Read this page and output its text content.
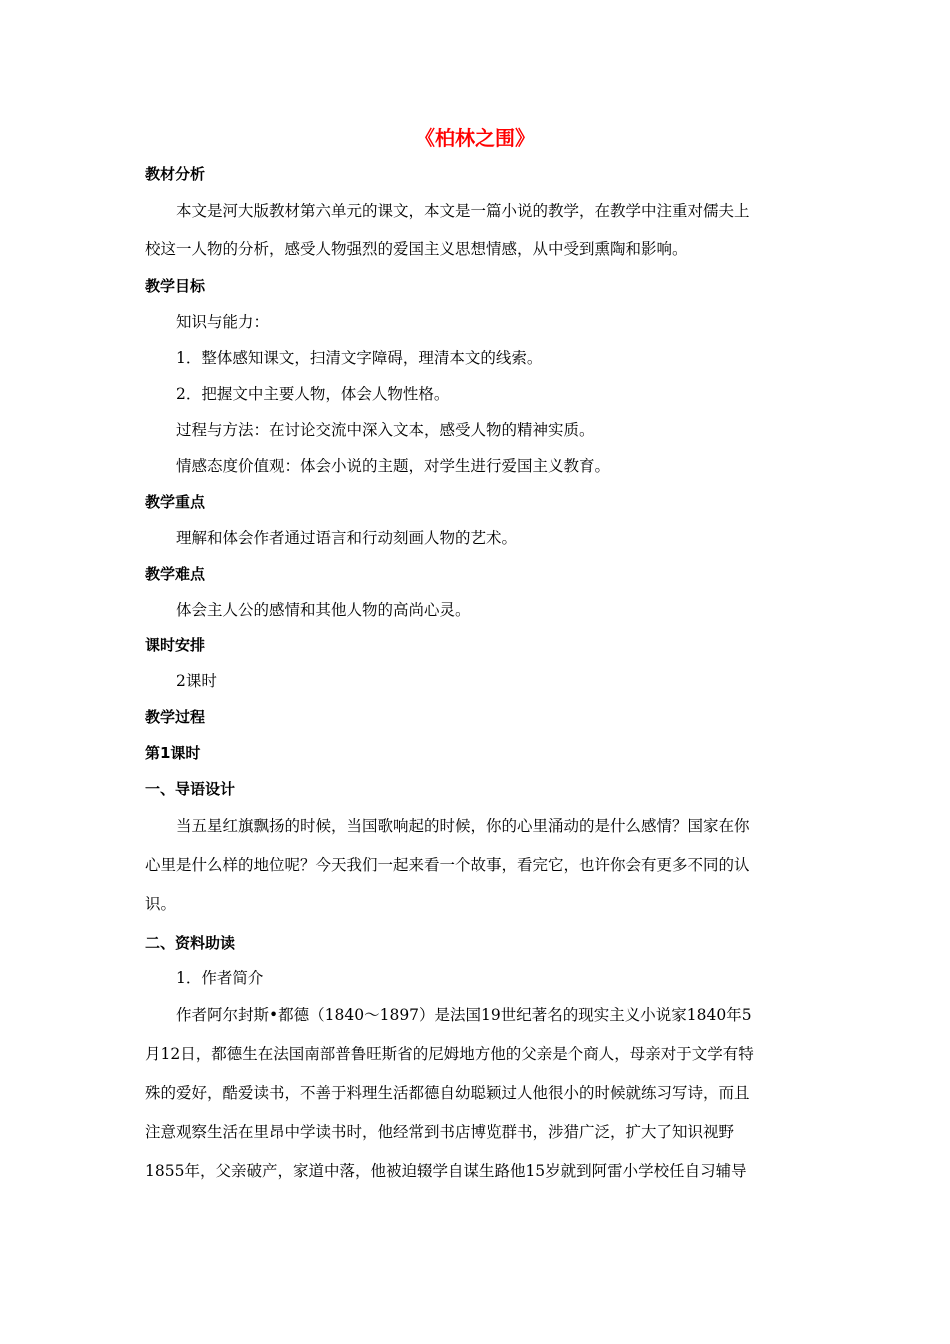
《柏林之围》
教材分析
本文是河大版教材第六单元的课文，本文是一篇小说的教学，在教学中注重对儒夫上
校这一人物的分析，感受人物强烈的爱国主义思想情感，从中受到熏陶和影响。
教学目标
知识与能力：
1．整体感知课文，扫清文字障碍，理清本文的线索。
2．把握文中主要人物，体会人物性格。
过程与方法：在讨论交流中深入文本，感受人物的精神实质。
情感态度价值观：体会小说的主题，对学生进行爱国主义教育。
教学重点
理解和体会作者通过语言和行动刻画人物的艺术。
教学难点
体会主人公的感情和其他人物的高尚心灵。
课时安排
2课时
教学过程
第1课时
一、导语设计
当五星红旗飘扬的时候，当国歌响起的时候，你的心里涌动的是什么感情？国家在你
心里是什么样的地位呢？今天我们一起来看一个故事，看完它，也许你会有更多不同的认
识。
二、资料助读
1．作者简介
作者阿尔封斯•都德（1840～1897）是法国19世纪著名的现实主义小说家1840年5
月12日，都德生在法国南部普鲁旺斯省的尼姆地方他的父亲是个商人，母亲对于文学有特
殊的爱好，酷爱读书，不善于料理生活都德自幼聪颖过人他很小的时候就练习写诗，而且
注意观察生活在里昂中学读书时，他经常到书店博览群书，涉猎广泛，扩大了知识视野
1855年，父亲破产，家道中落，他被迫辍学自谋生路他15岁就到阿雷小学校任自习辅导
